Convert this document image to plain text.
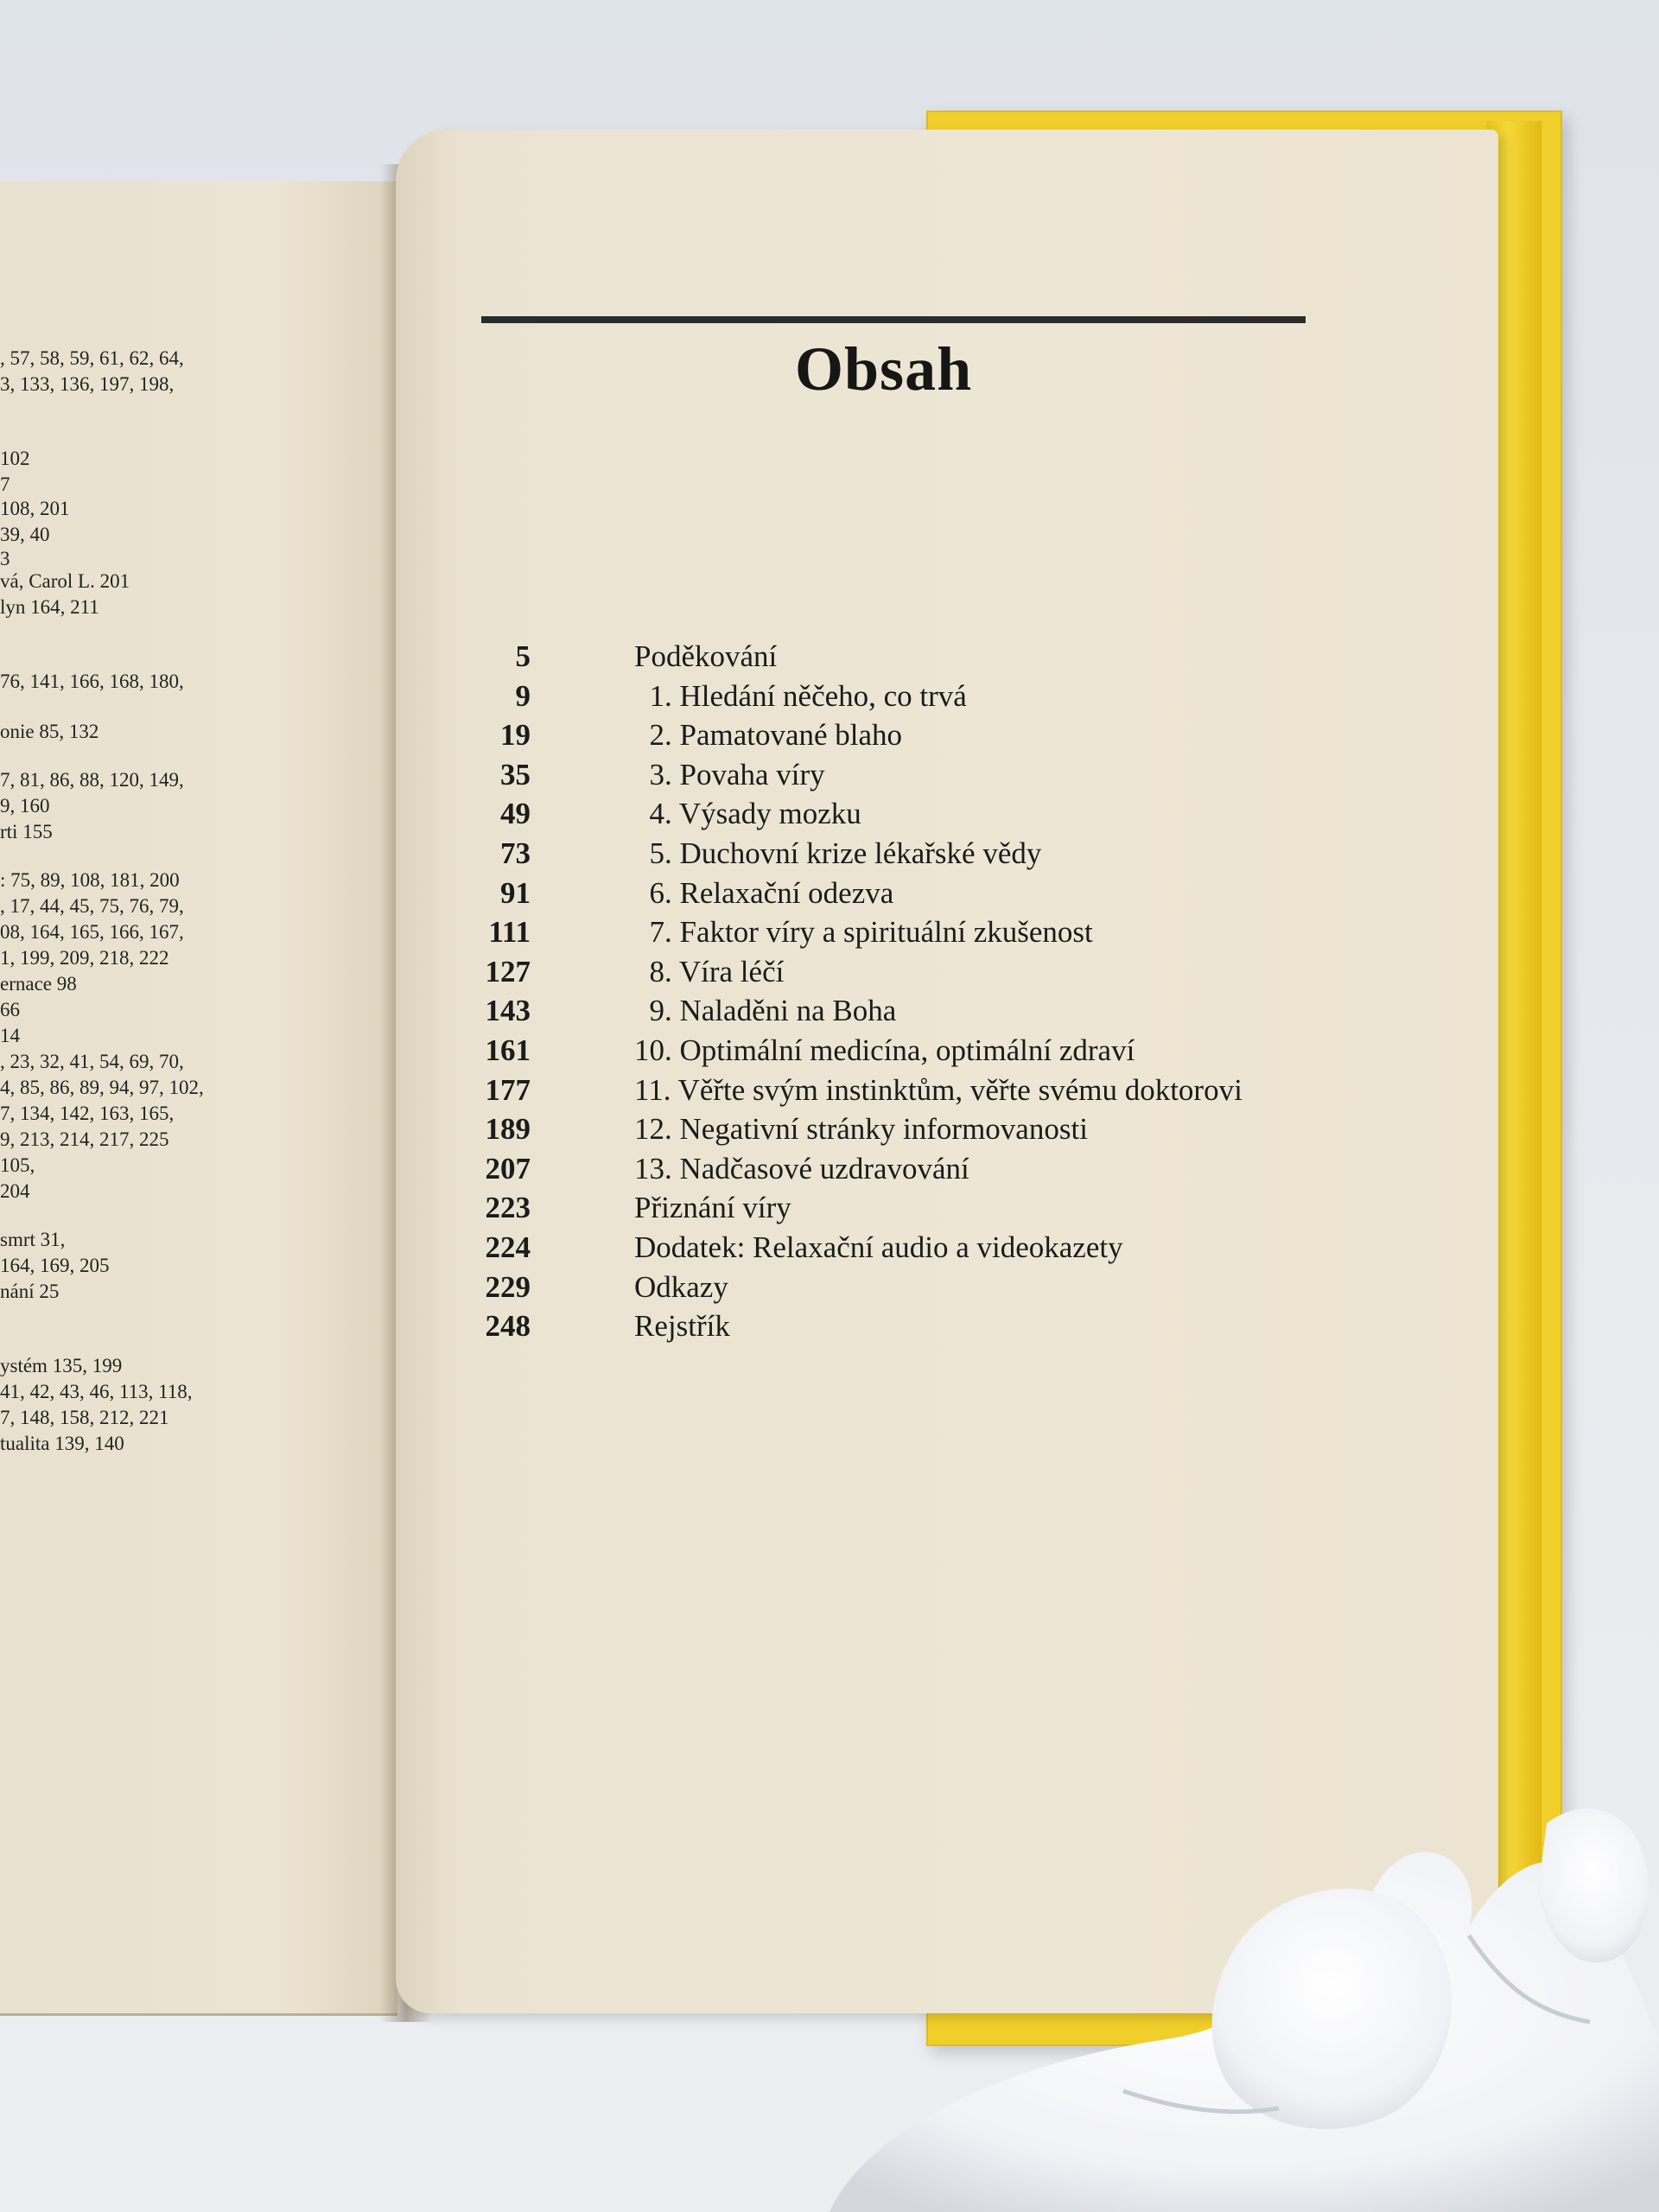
, 57, 58, 59, 61, 62, 64,
3, 133, 136, 197, 198,
102
7
108, 201
39, 40
3
vá, Carol L. 201
lyn 164, 211
76, 141, 166, 168, 180,
onie 85, 132
7, 81, 86, 88, 120, 149,
9, 160
rti 155
: 75, 89, 108, 181, 200
, 17, 44, 45, 75, 76, 79,
08, 164, 165, 166, 167,
1, 199, 209, 218, 222
ernace 98
66
14
, 23, 32, 41, 54, 69, 70,
4, 85, 86, 89, 94, 97, 102,
7, 134, 142, 163, 165,
9, 213, 214, 217, 225
105,
204
smrt 31,
164, 169, 205
nání 25
ystém 135, 199
41, 42, 43, 46, 113, 118,
7, 148, 158, 212, 221
tualita 139, 140
Obsah
5	Poděkování
9	1. Hledání něčeho, co trvá
19	2. Pamatované blaho
35	3. Povaha víry
49	4. Výsady mozku
73	5. Duchovní krize lékařské vědy
91	6. Relaxační odezva
111	7. Faktor víry a spirituální zkušenost
127	8. Víra léčí
143	9. Naladěni na Boha
161	10. Optimální medicína, optimální zdraví
177	11. Věřte svým instinktům, věřte svému doktorovi
189	12. Negativní stránky informovanosti
207	13. Nadčasové uzdravování
223	Přiznání víry
224	Dodatek: Relaxační audio a videokazety
229	Odkazy
248	Rejstřík
